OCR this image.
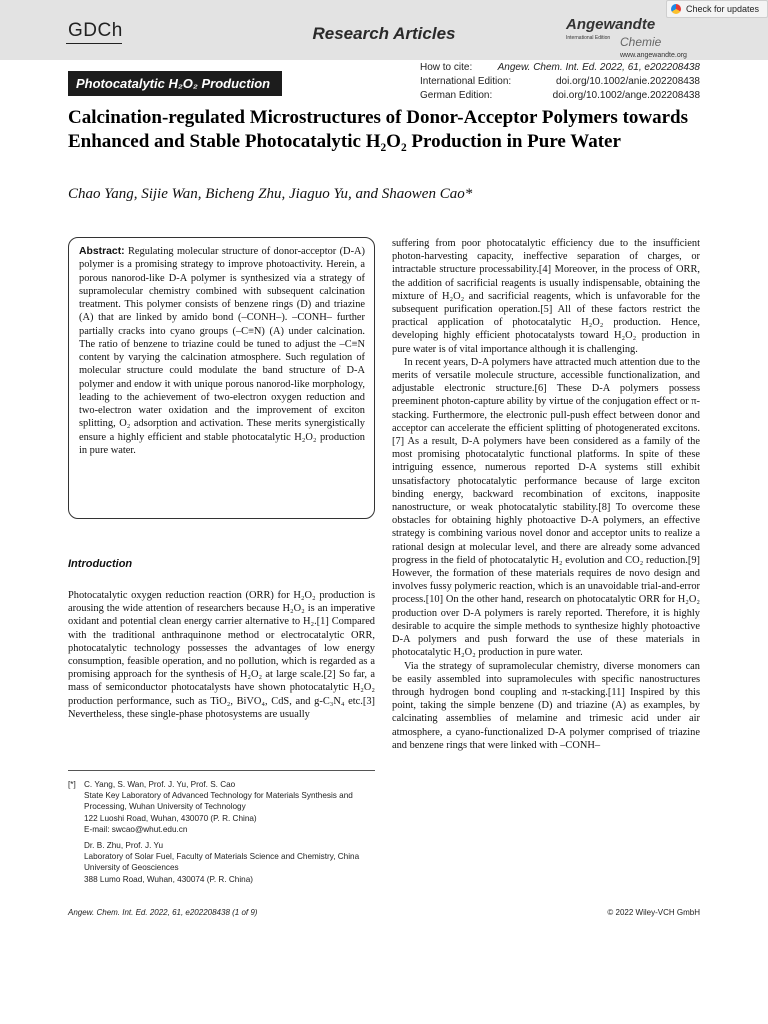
GDCh	Research Articles	Angewandte
International Edition Chemie
www.angewandte.org
Check for updates
Photocatalytic H₂O₂ Production
How to cite:	Angew. Chem. Int. Ed. 2022, 61, e202208438
International Edition:	doi.org/10.1002/anie.202208438
German Edition:	doi.org/10.1002/ange.202208438
Calcination-regulated Microstructures of Donor-Acceptor Polymers towards Enhanced and Stable Photocatalytic H₂O₂ Production in Pure Water
Chao Yang, Sijie Wan, Bicheng Zhu, Jiaguo Yu, and Shaowen Cao*
Abstract: Regulating molecular structure of donor-acceptor (D-A) polymer is a promising strategy to improve photoactivity. Herein, a porous nanorod-like D-A polymer is synthesized via a strategy of supramolecular chemistry combined with subsequent calcination treatment. This polymer consists of benzene rings (D) and triazine (A) that are linked by amido bond (–CONH–). –CONH– further partially cracks into cyano groups (–C≡N) (A) under calcination. The ratio of benzene to triazine could be tuned to adjust the –C≡N content by varying the calcination atmosphere. Such regulation of molecular structure could modulate the band structure of D-A polymer and endow it with unique porous nanorod-like morphology, leading to the achievement of two-electron oxygen reduction and two-electron water oxidation and the improvement of exciton splitting, O₂ adsorption and activation. These merits synergistically ensure a highly efficient and stable photocatalytic H₂O₂ production in pure water.
Introduction

Photocatalytic oxygen reduction reaction (ORR) for H₂O₂ production is arousing the wide attention of researchers because H₂O₂ is an imperative oxidant and potential clean energy carrier alternative to H₂.[1] Compared with the traditional anthraquinone method or electrocatalytic ORR, photocatalytic technology possesses the advantages of low energy consumption, feasible operation, and no pollution, which is regarded as a promising approach for the synthesis of H₂O₂ at large scale.[2] So far, a mass of semiconductor photocatalysts have shown photocatalytic H₂O₂ production performance, such as TiO₂, BiVO₄, CdS, and g-C₃N₄ etc.[3] Nevertheless, these single-phase photosystems are usually

suffering from poor photocatalytic efficiency due to the insufficient photon-harvesting capacity, ineffective separation of charges, or intractable structure processability.[4] Moreover, in the process of ORR, the addition of sacrificial reagents is usually indispensable, obtaining the mixture of H₂O₂ and sacrificial reagents, which is unfavorable for the subsequent purification operation.[5] All of these factors restrict the practical application of photocatalytic H₂O₂ production. Hence, developing highly efficient photocatalysts toward H₂O₂ production in pure water is of vital importance although it is challenging.

In recent years, D-A polymers have attracted much attention due to the merits of versatile molecule structure, accessible functionalization, and adjustable electronic structure.[6] These D-A polymers possess preeminent photon-capture ability by virtue of the conjugation effect or π-stacking. Furthermore, the electronic pull-push effect between donor and acceptor can accelerate the efficient splitting of photogenerated excitons.[7] As a result, D-A polymers have been considered as a family of the most promising photocatalytic functional platforms. In spite of these intriguing essence, numerous reported D-A systems still exhibit unsatisfactory photocatalytic performance because of large exciton binding energy, backward recombination of excitons, inapposite nanostructure, or weak photocatalytic stability.[8] To overcome these obstacles for obtaining highly photoactive D-A polymers, an effective strategy is combining various novel donor and acceptor units to realize a rational design at molecular level, and there are already some advanced progress in the field of photocatalytic H₂ evolution and CO₂ reduction.[9] However, the formation of these materials requires de novo design and involves fussy polymeric reaction, which is an unavoidable trial-and-error process.[10] On the other hand, research on photocatalytic ORR for H₂O₂ production over D-A polymers is rarely reported. Therefore, it is highly desirable to acquire the simple methods to synthesize highly photoactive D-A polymers and push forward the use of these materials in photocatalytic H₂O₂ production in pure water.

Via the strategy of supramolecular chemistry, diverse monomers can be easily assembled into supramolecules with specific nanostructures through hydrogen bond coupling and π-stacking.[11] Inspired by this point, taking the simple benzene (D) and triazine (A) as examples, by calcinating assemblies of melamine and trimesic acid under air atmosphere, a cyano-functionalized D-A polymer comprised of triazine and benzene rings that were linked with –CONH–

[*] C. Yang, S. Wan, Prof. J. Yu, Prof. S. Cao
State Key Laboratory of Advanced Technology for Materials Synthesis and Processing, Wuhan University of Technology
122 Luoshi Road, Wuhan, 430070 (P. R. China)
E-mail: swcao@whut.edu.cn
Dr. B. Zhu, Prof. J. Yu
Laboratory of Solar Fuel, Faculty of Materials Science and Chemistry, China University of Geosciences
388 Lumo Road, Wuhan, 430074 (P. R. China)
Angew. Chem. Int. Ed. 2022, 61, e202208438 (1 of 9)	© 2022 Wiley-VCH GmbH
